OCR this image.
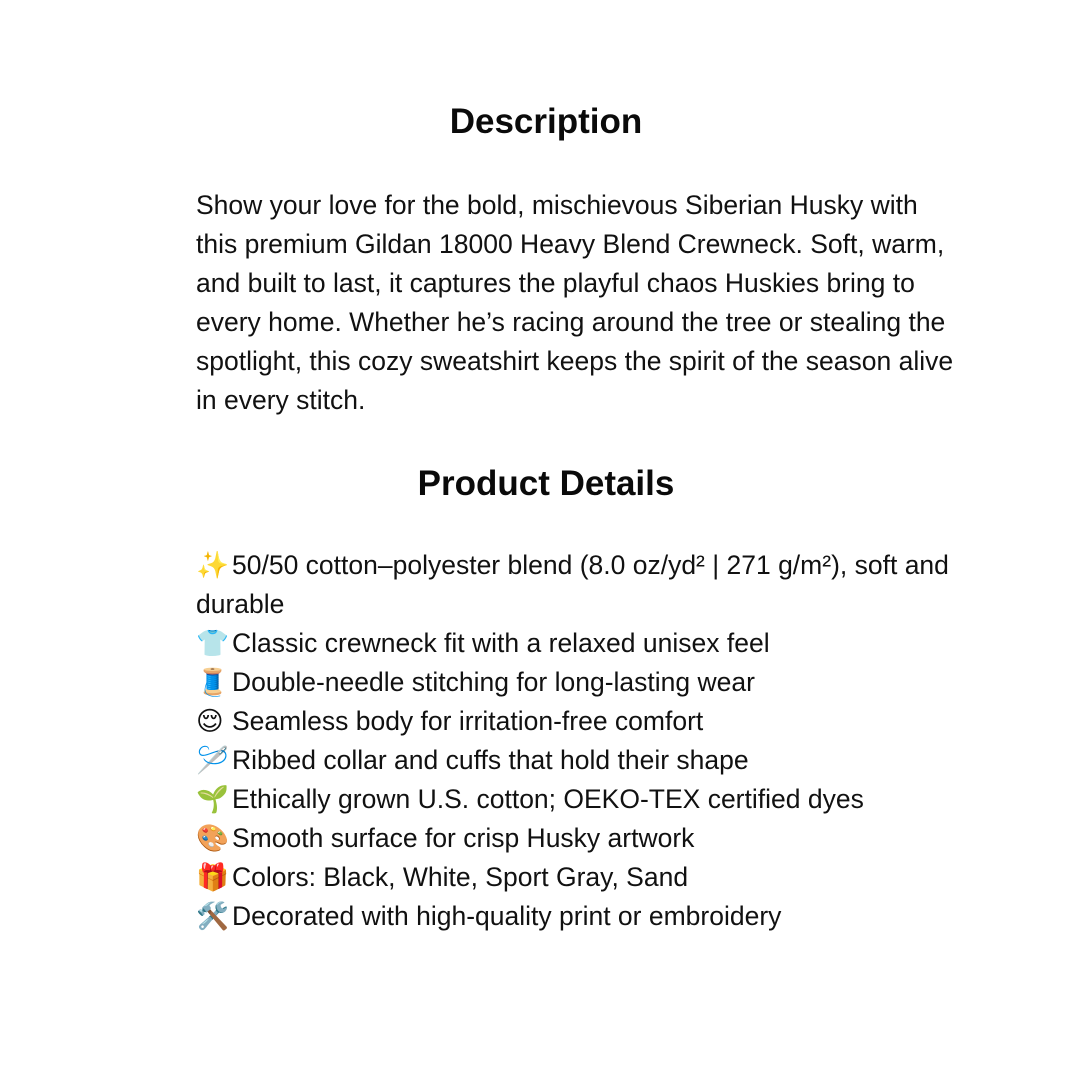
Description

Show your love for the bold, mischievous Siberian Husky with this premium Gildan 18000 Heavy Blend Crewneck. Soft, warm, and built to last, it captures the playful chaos Huskies bring to every home. Whether he’s racing around the tree or stealing the spotlight, this cozy sweatshirt keeps the spirit of the season alive in every stitch.

Product Details
✨ 50/50 cotton–polyester blend (8.0 oz/yd² | 271 g/m²), soft and durable
👕 Classic crewneck fit with a relaxed unisex feel
🧵 Double-needle stitching for long-lasting wear
😌 Seamless body for irritation-free comfort
🪡 Ribbed collar and cuffs that hold their shape
🌱 Ethically grown U.S. cotton; OEKO-TEX certified dyes
🎨 Smooth surface for crisp Husky artwork
🎁 Colors: Black, White, Sport Gray, Sand
🛠️ Decorated with high-quality print or embroidery
